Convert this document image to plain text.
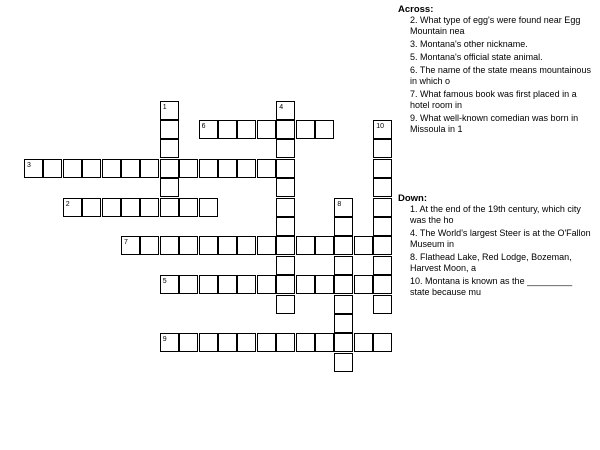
1	4
10
8
6
3
2
7
5
9
Across:
2. What type of egg's were found near Egg Mountain nea
3. Montana's other nickname.
5. Montana's official state animal.
6. The name of the state means mountainous in which o
7. What famous book was first placed in a hotel room in
9. What well-known comedian was born in Missoula in 1
Down:
1. At the end of the 19th century, which city was the ho
4. The World's largest Steer is at the O'Fallon Museum in
8. Flathead Lake, Red Lodge, Bozeman, Harvest Moon, a
10. Montana is known as the _________ state because mu
